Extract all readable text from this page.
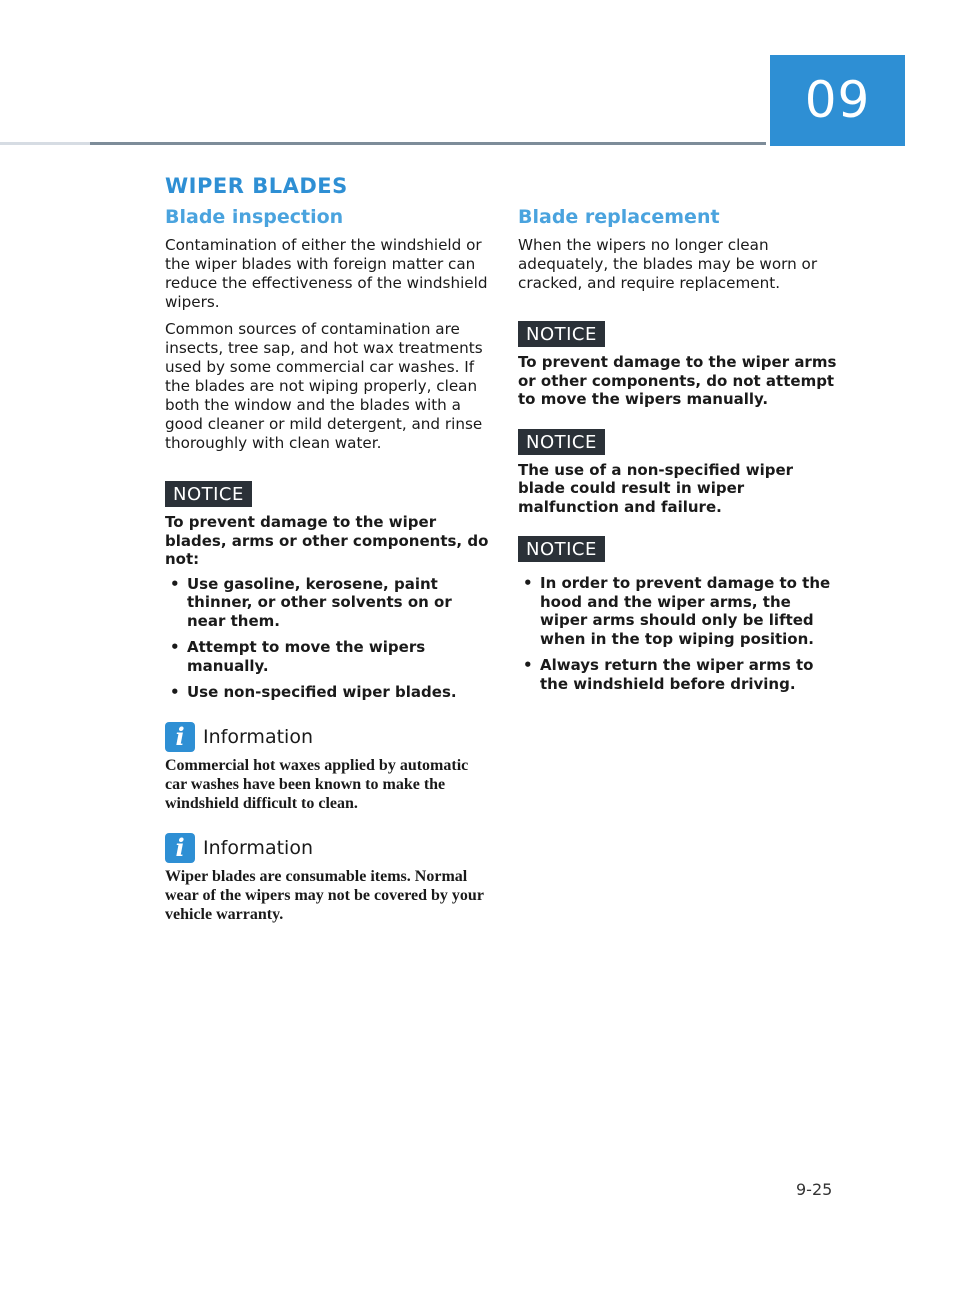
09
WIPER BLADES
Blade inspection

Contamination of either the windshield or the wiper blades with foreign matter can reduce the effectiveness of the windshield wipers.

Common sources of contamination are insects, tree sap, and hot wax treatments used by some commercial car washes. If the blades are not wiping properly, clean both the window and the blades with a good cleaner or mild detergent, and rinse thoroughly with clean water.

NOTICE
To prevent damage to the wiper blades, arms or other components, do not:
• Use gasoline, kerosene, paint thinner, or other solvents on or near them.
• Attempt to move the wipers manually.
• Use non-specified wiper blades.
i Information
Commercial hot waxes applied by automatic car washes have been known to make the windshield difficult to clean.
i Information
Wiper blades are consumable items. Normal wear of the wipers may not be covered by your vehicle warranty.
Blade replacement

When the wipers no longer clean adequately, the blades may be worn or cracked, and require replacement.

NOTICE
To prevent damage to the wiper arms or other components, do not attempt to move the wipers manually.
NOTICE
The use of a non-specified wiper blade could result in wiper malfunction and failure.
NOTICE
• In order to prevent damage to the hood and the wiper arms, the wiper arms should only be lifted when in the top wiping position.
• Always return the wiper arms to the windshield before driving.
9-25
